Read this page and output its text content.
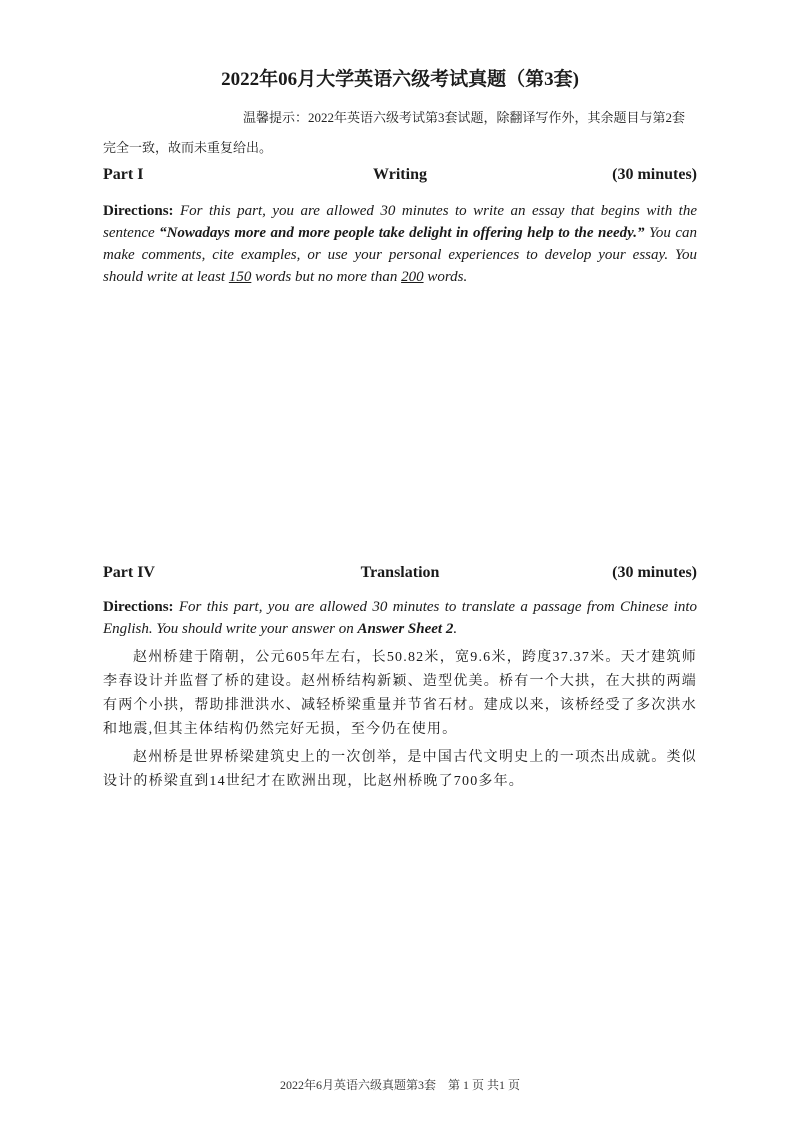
2022年06月大学英语六级考试真题（第3套)
温馨提示：2022年英语六级考试第3套试题，除翻译写作外，其余题目与第2套完全一致，故而未重复给出。
Writing
Part I	(30 minutes)
Directions: For this part, you are allowed 30 minutes to write an essay that begins with the sentence “Nowadays more and more people take delight in offering help to the needy.” You can make comments, cite examples, or use your personal experiences to develop your essay. You should write at least 150 words but no more than 200 words.
Translation
Part IV	(30 minutes)
Directions: For this part, you are allowed 30 minutes to translate a passage from Chinese into English. You should write your answer on Answer Sheet 2.
赵州桥建于隋朝，公元605年左右，长50.82米，宽9.6米，跨度37.37米。天才建筑师李春设计并监督了桥的建设。赵州桥结构新颖、造型优美。桥有一个大拱，在大拱的两端有两个小拱，帮助排泄洪水、减轻桥梁重量并节省石材。建成以来，该桥经受了多次洪水和地震,但其主体结构仍然完好无损，至今仍在使用。
赵州桥是世界桥梁建筑史上的一次创举，是中国古代文明史上的一项杰出成就。类似设计的桥梁直到14世纪才在欧洲出现，比赵州桥晚了700多年。
2022年6月英语六级真题第3套　第 1 页 共1 页
